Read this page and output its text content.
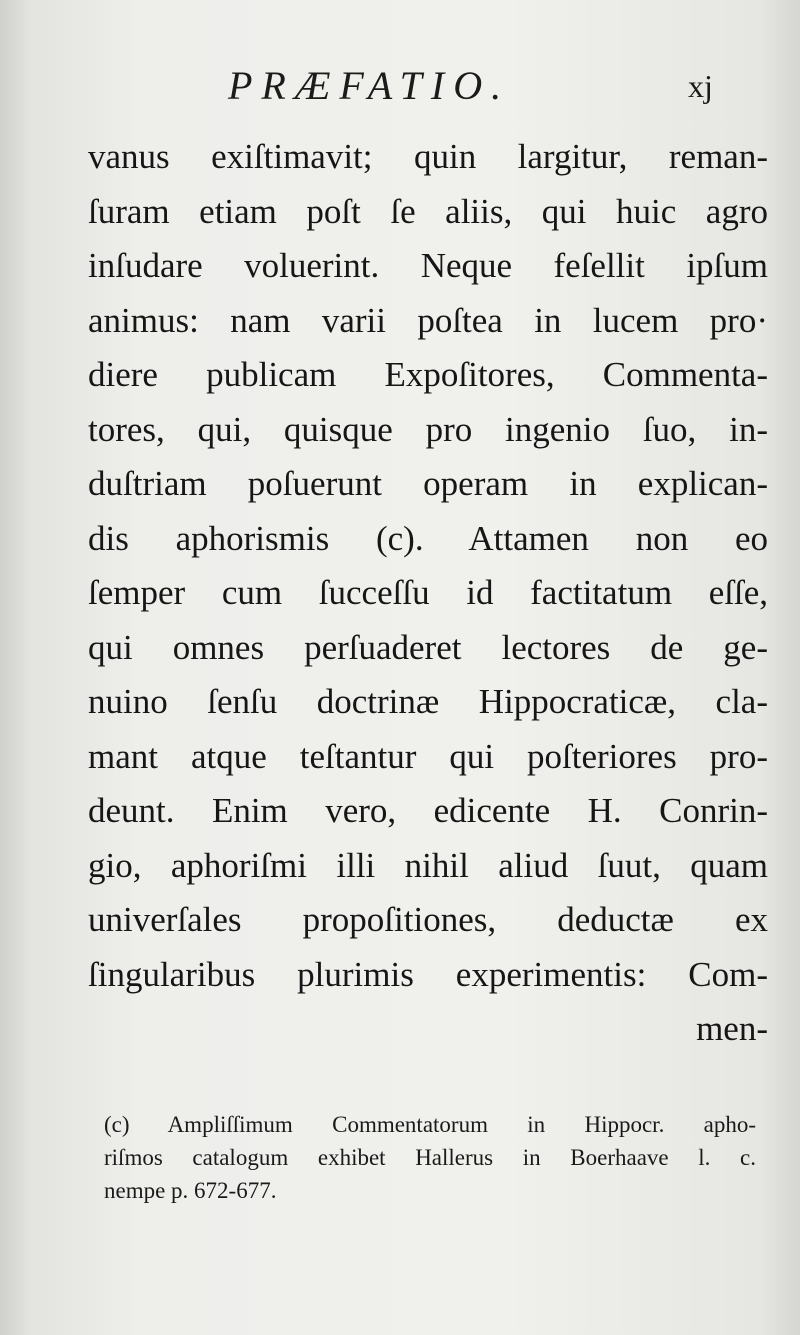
PRÆFATIO.	xj
vanus exiſtimavit; quin largitur, reman-
ſuram etiam poſt ſe aliis, qui huic agro
inſudare voluerint. Neque feſellit ipſum
animus: nam varii poſtea in lucem pro·
diere publicam Expoſitores, Commenta-
tores, qui, quisque pro ingenio ſuo, in-
duſtriam poſuerunt operam in explican-
dis aphorismis (c). Attamen non eo
ſemper cum ſucceſſu id factitatum eſſe,
qui omnes perſuaderet lectores de ge-
nuino ſenſu doctrinæ Hippocraticæ, cla-
mant atque teſtantur qui poſteriores pro-
deunt. Enim vero, edicente H. Conrin-
gio, aphoriſmi illi nihil aliud ſuut, quam
univerſales propoſitiones, deductæ ex
ſingularibus plurimis experimentis: Com-
men-
(c) Ampliſſimum Commentatorum in Hippocr. apho-
riſmos catalogum exhibet Hallerus in Boerhaave l. c.
nempe p. 672-677.
